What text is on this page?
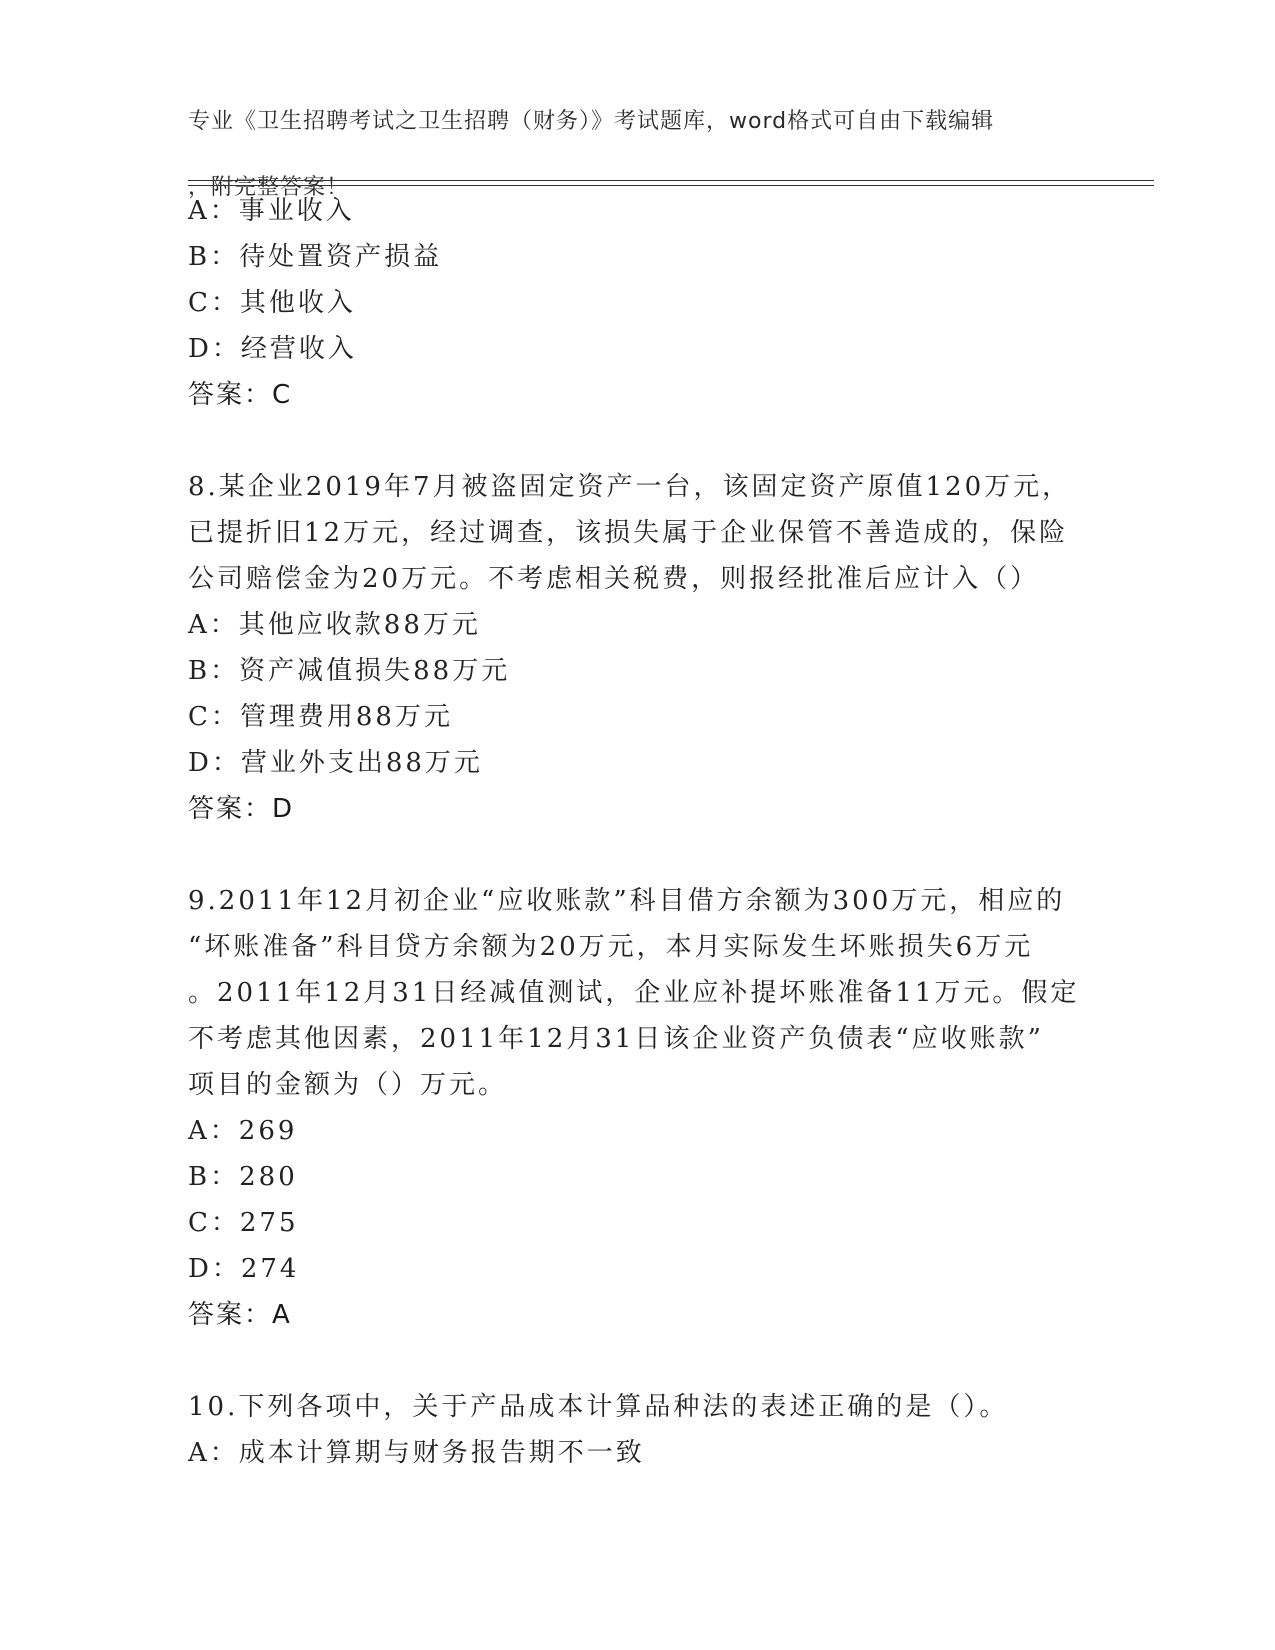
专业《卫生招聘考试之卫生招聘（财务）》考试题库，word格式可自由下载编辑

，附完整答案！

A：事业收入
B：待处置资产损益
C：其他收入
D：经营收入
答案：C
8.某企业2019年7月被盗固定资产一台，该固定资产原值120万元，
已提折旧12万元，经过调查，该损失属于企业保管不善造成的，保险
公司赔偿金为20万元。不考虑相关税费，则报经批准后应计入（）
A：其他应收款88万元
B：资产减值损失88万元
C：管理费用88万元
D：营业外支出88万元
答案：D
9.2011年12月初企业“应收账款”科目借方余额为300万元，相应的
“坏账准备”科目贷方余额为20万元，本月实际发生坏账损失6万元
。2011年12月31日经减值测试，企业应补提坏账准备11万元。假定
不考虑其他因素，2011年12月31日该企业资产负债表“应收账款”
项目的金额为（）万元。
A：269
B：280
C：275
D：274
答案：A
10.下列各项中，关于产品成本计算品种法的表述正确的是（）。
A：成本计算期与财务报告期不一致
